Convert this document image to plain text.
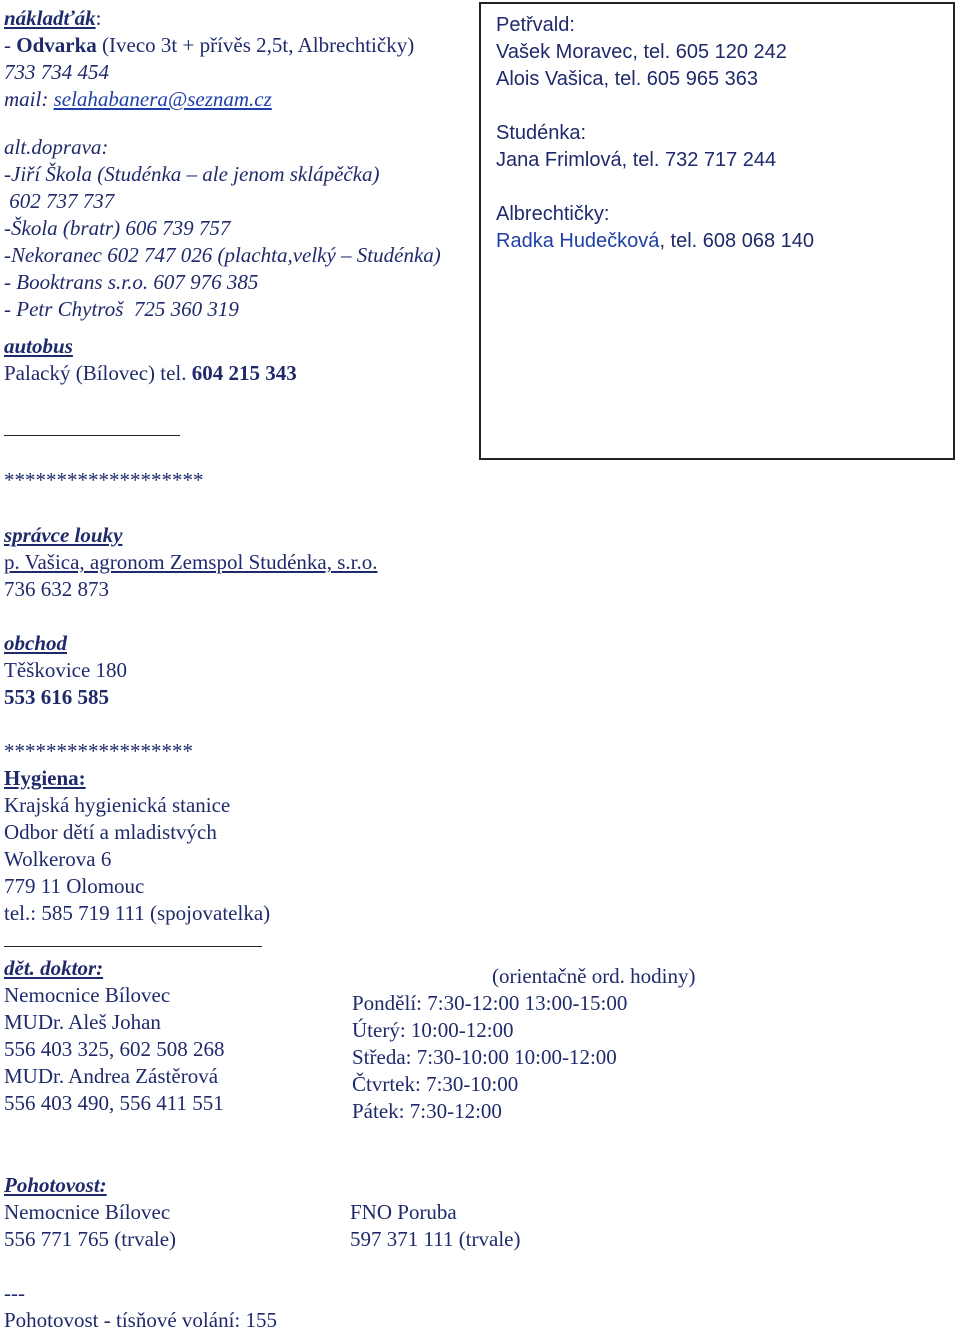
nákladťák:
- Odvarka (Iveco 3t + přívěs 2,5t, Albrechtičky)
733 734 454
mail: selahabanera@seznam.cz
alt.doprava:
-Jiří Škola (Studénka – ale jenom sklápěčka)
602 737 737
-Škola (bratr) 606 739 757
-Nekoranec 602 747 026 (plachta,velký – Studénka)
- Booktrans s.r.o. 607 976 385
- Petr Chytroš  725 360 319
Petřvald:
Vašek Moravec, tel. 605 120 242
Alois Vašica, tel. 605 965 363
Studénka:
Jana Frimlová, tel. 732 717 244
Albrechtičky:
Radka Hudečková, tel. 608 068 140
autobus
Palacký (Bílovec) tel. 604 215 343
*******************
správce louky
p. Vašica, agronom Zemspol Studénka, s.r.o.
736 632 873
obchod
Těškovice 180
553 616 585
******************
Hygiena:
Krajská hygienická stanice
Odbor dětí a mladistvých
Wolkerova 6
779 11 Olomouc
tel.: 585 719 111 (spojovatelka)
dět. doktor:
Nemocnice Bílovec
MUDr. Aleš Johan
556 403 325, 602 508 268
MUDr. Andrea Zástěrová
556 403 490, 556 411 551
(orientačně ord. hodiny)
Pondělí: 7:30-12:00 13:00-15:00
Úterý: 10:00-12:00
Středa: 7:30-10:00 10:00-12:00
Čtvrtek: 7:30-10:00
Pátek: 7:30-12:00
Pohotovost:
Nemocnice Bílovec
556 771 765 (trvale)
FNO Poruba
597 371 111 (trvale)
---
Pohotovost - tísňové volání: 155
